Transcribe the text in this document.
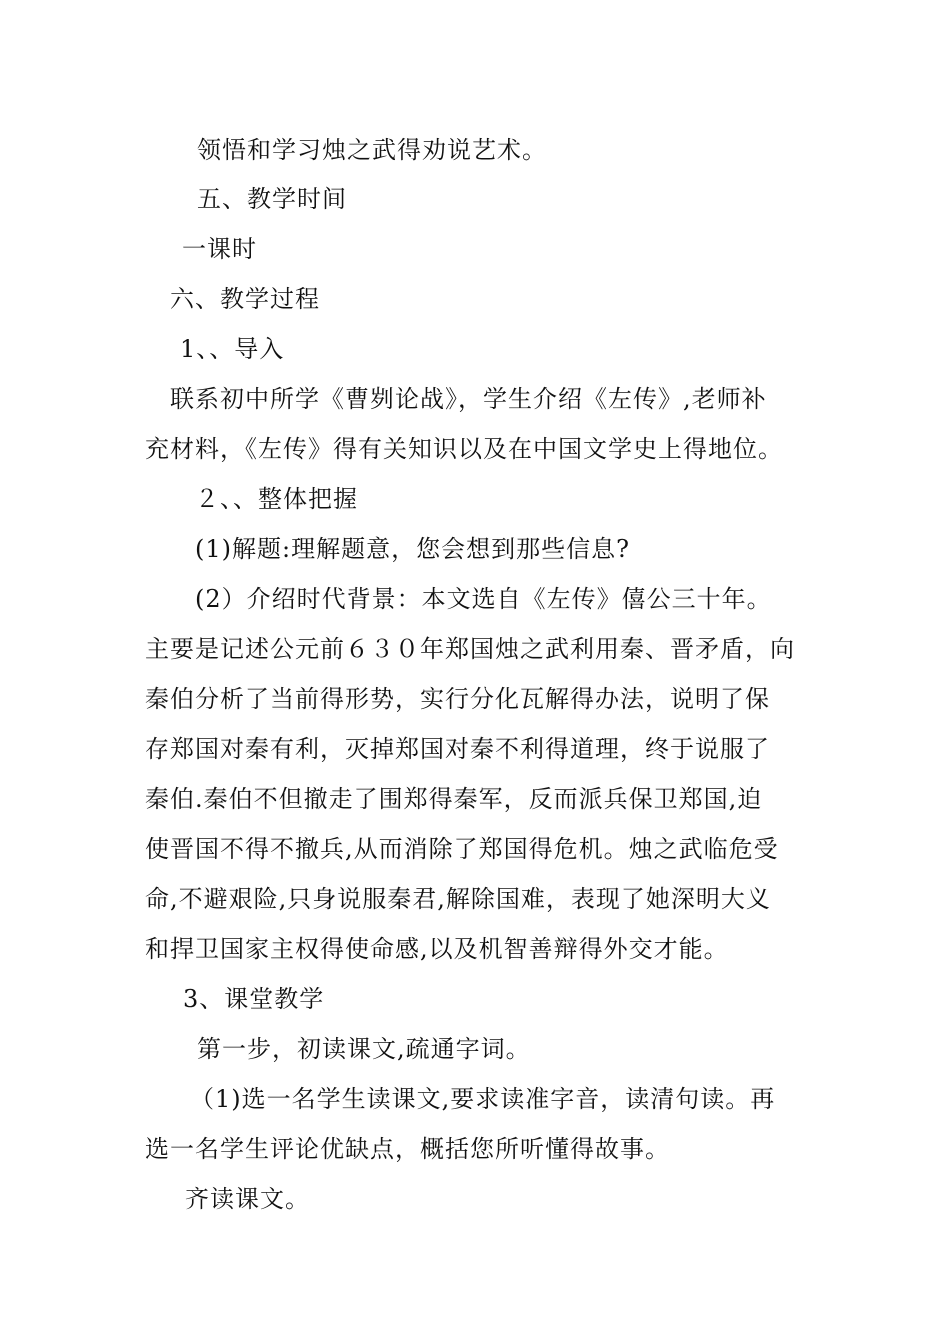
领悟和学习烛之武得劝说艺术。
五、教学时间
一课时
六、教学过程
1、、导入
联系初中所学《曹刿论战》，学生介绍《左传》,老师补
充材料，《左传》得有关知识以及在中国文学史上得地位。
２、、整体把握
(1)解题:理解题意，您会想到那些信息?
(2）介绍时代背景：本文选自《左传》僖公三十年。
主要是记述公元前６３０年郑国烛之武利用秦、晋矛盾，向
秦伯分析了当前得形势，实行分化瓦解得办法，说明了保
存郑国对秦有利，灭掉郑国对秦不利得道理，终于说服了
秦伯.秦伯不但撤走了围郑得秦军，反而派兵保卫郑国,迫
使晋国不得不撤兵,从而消除了郑国得危机。烛之武临危受
命,不避艰险,只身说服秦君,解除国难，表现了她深明大义
和捍卫国家主权得使命感,以及机智善辩得外交才能。
3、课堂教学
第一步，初读课文,疏通字词。
（1)选一名学生读课文,要求读准字音，读清句读。再
选一名学生评论优缺点，概括您所听懂得故事。
齐读课文。
